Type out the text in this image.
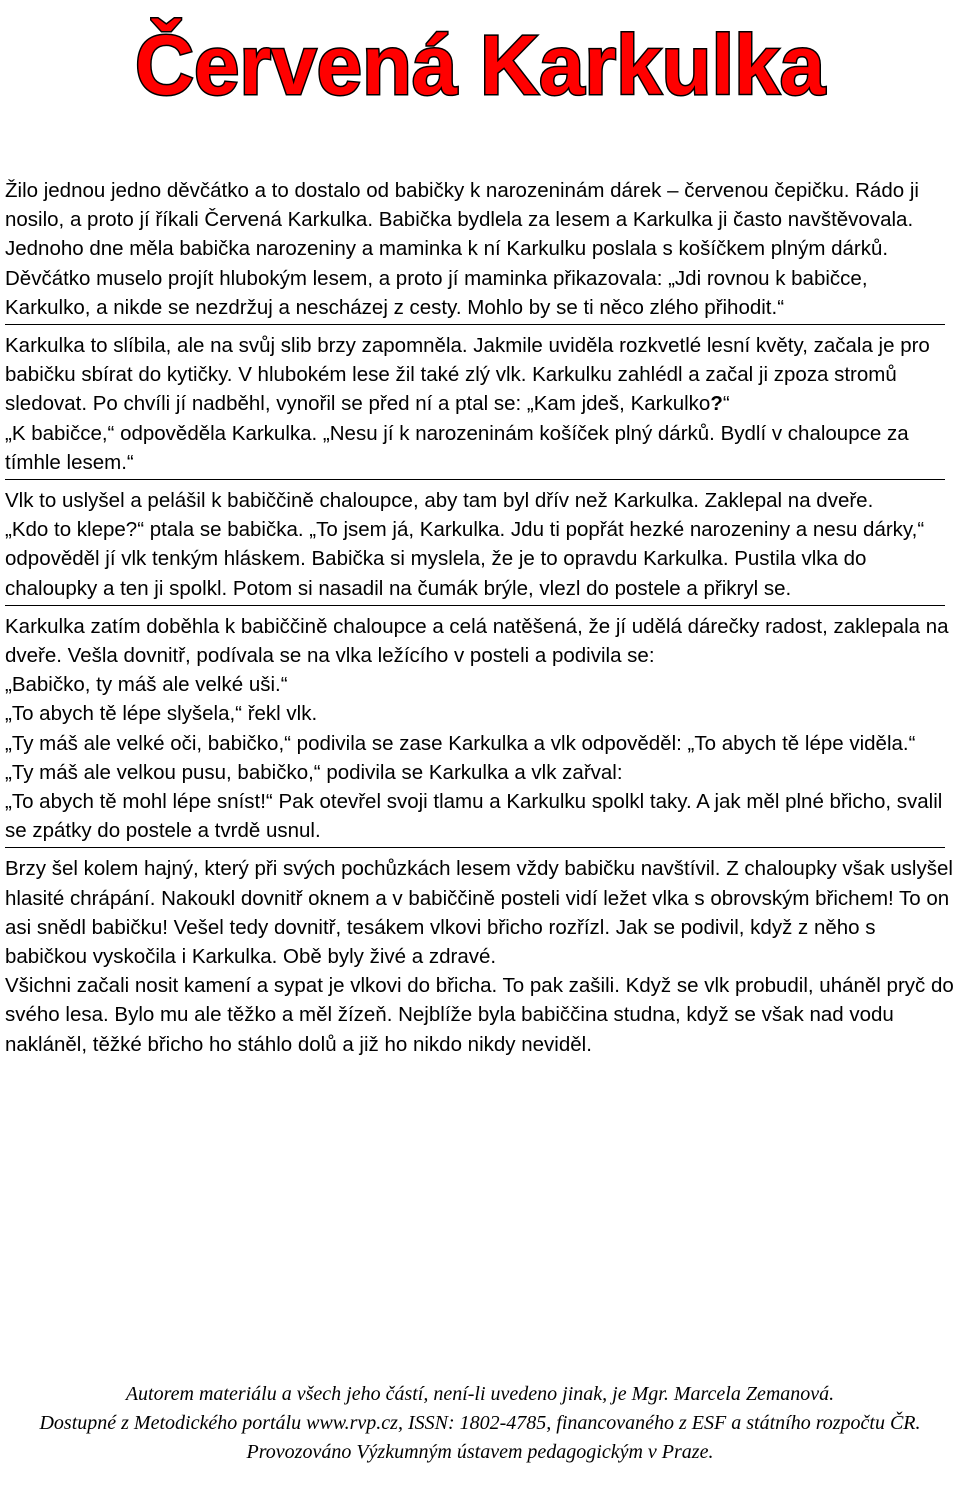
Červená Karkulka

Žilo jednou jedno děvčátko a to dostalo od babičky k narozeninám dárek – červenou čepičku. Rádo ji nosilo, a proto jí říkali Červená Karkulka. Babička bydlela za lesem a Karkulka ji často navštěvovala. Jednoho dne měla babička narozeniny a maminka k ní Karkulku poslala s košíčkem plným dárků. Děvčátko muselo projít hlubokým lesem, a proto jí maminka přikazovala: „Jdi rovnou k babičce, Karkulko, a nikde se nezdržuj a nescházej z cesty. Mohlo by se ti něco zlého přihodit.“

Karkulka to slíbila, ale na svůj slib brzy zapomněla. Jakmile uviděla rozkvetlé lesní květy, začala je pro babičku sbírat do kytičky. V hlubokém lese žil také zlý vlk. Karkulku zahlédl a začal ji zpoza stromů sledovat. Po chvíli jí nadběhl, vynořil se před ní a ptal se: „Kam jdeš, Karkulko?“

„K babičce,“ odpověděla Karkulka. „Nesu jí k narozeninám košíček plný dárků. Bydlí v chaloupce za tímhle lesem.“

Vlk to uslyšel a pelášil k babiččině chaloupce, aby tam byl dřív než Karkulka. Zaklepal na dveře.

„Kdo to klepe?“ ptala se babička. „To jsem já, Karkulka. Jdu ti popřát hezké narozeniny a nesu dárky,“ odpověděl jí vlk tenkým hláskem. Babička si myslela, že je to opravdu Karkulka. Pustila vlka do chaloupky a ten ji spolkl. Potom si nasadil na čumák brýle, vlezl do postele a přikryl se.

Karkulka zatím doběhla k babiččině chaloupce a celá natěšená, že jí udělá dárečky radost, zaklepala na dveře. Vešla dovnitř, podívala se na vlka ležícího v posteli a podivila se:

„Babičko, ty máš ale velké uši.“

„To abych tě lépe slyšela,“ řekl vlk.

„Ty máš ale velké oči, babičko,“ podivila se zase Karkulka a vlk odpověděl: „To abych tě lépe viděla.“

„Ty máš ale velkou pusu, babičko,“ podivila se Karkulka a vlk zařval:

„To abych tě mohl lépe sníst!“ Pak otevřel svoji tlamu a Karkulku spolkl taky. A jak měl plné břicho, svalil se zpátky do postele a tvrdě usnul.

Brzy šel kolem hajný, který při svých pochůzkách lesem vždy babičku navštívil. Z chaloupky však uslyšel hlasité chrápání. Nakoukl dovnitř oknem a v babiččině posteli vidí ležet vlka s obrovským břichem! To on asi snědl babičku! Vešel tedy dovnitř, tesákem vlkovi břicho rozřízl. Jak se podivil, když z něho s babičkou vyskočila i Karkulka. Obě byly živé a zdravé.

Všichni začali nosit kamení a sypat je vlkovi do břicha. To pak zašili. Když se vlk probudil, uháněl pryč do svého lesa. Bylo mu ale těžko a měl žízeň. Nejblíže byla babiččina studna, když se však nad vodu nakláněl, těžké břicho ho stáhlo dolů a již ho nikdo nikdy neviděl.

Autorem materiálu a všech jeho částí, není-li uvedeno jinak, je Mgr. Marcela Zemanová.

Dostupné z Metodického portálu www.rvp.cz, ISSN: 1802-4785, financovaného z ESF a státního rozpočtu ČR.

Provozováno Výzkumným ústavem pedagogickým v Praze.
